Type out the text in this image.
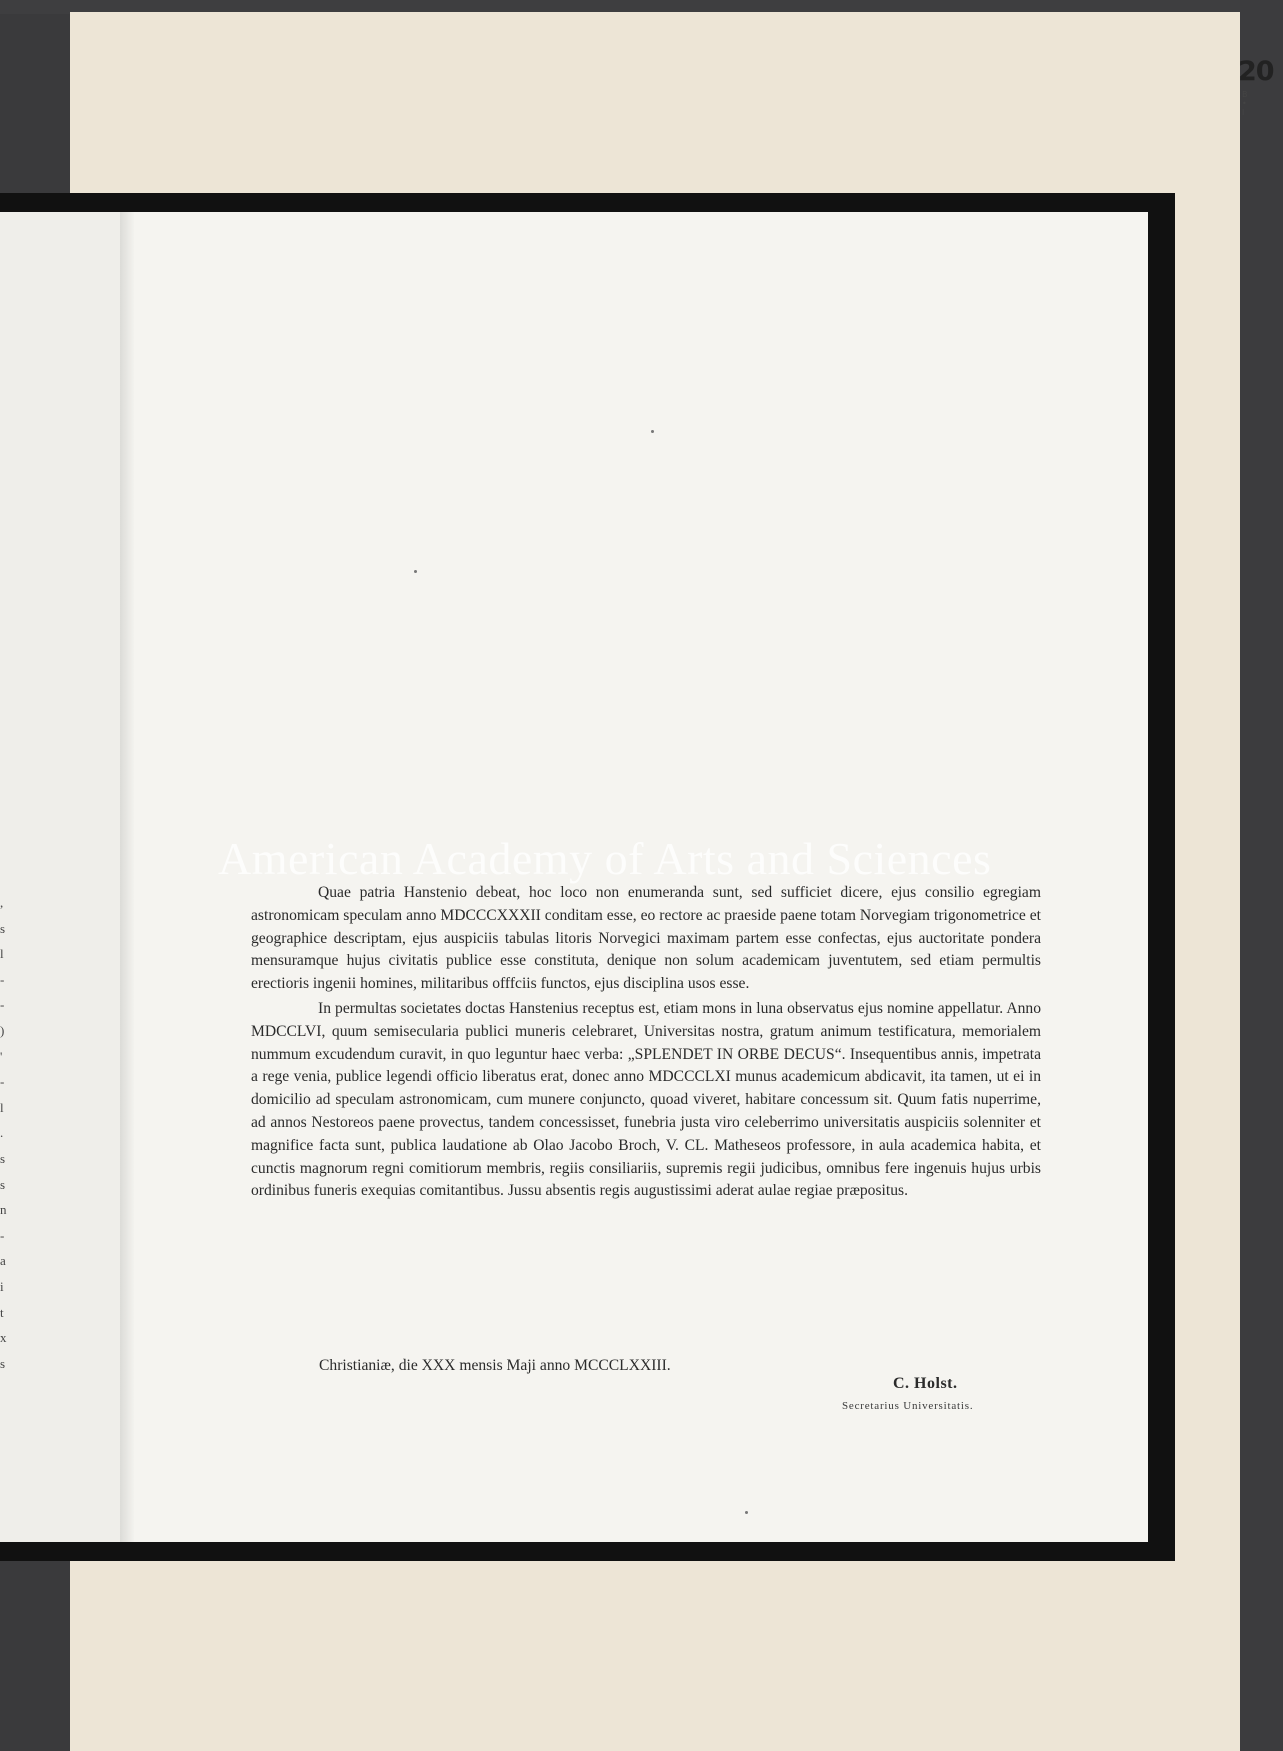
20
B • I
,
s
l
-
-
)
'
-
l
.
s
s
n
-
a
i
t
x
s
American Academy of Arts and Sciences

Quae patria Hanstenio debeat, hoc loco non enumeranda sunt, sed sufficiet dicere, ejus consilio egregiam astronomicam speculam anno MDCCCXXXII conditam esse, eo rectore ac praeside paene totam Norvegiam trigonometrice et geographice descriptam, ejus auspiciis tabulas litoris Norvegici maximam partem esse confectas, ejus auctoritate pondera mensuramque hujus civitatis publice esse constituta, denique non solum academicam juventutem, sed etiam permultis erectioris ingenii homines, militaribus offfciis functos, ejus disciplina usos esse.

In permultas societates doctas Hanstenius receptus est, etiam mons in luna observatus ejus nomine appellatur. Anno MDCCLVI, quum semisecularia publici muneris celebraret, Universitas nostra, gratum animum testificatura, memorialem nummum excudendum curavit, in quo leguntur haec verba: „SPLENDET IN ORBE DECUS“. Insequentibus annis, impetrata a rege venia, publice legendi officio liberatus erat, donec anno MDCCCLXI munus academicum abdicavit, ita tamen, ut ei in domicilio ad speculam astronomicam, cum munere conjuncto, quoad viveret, habitare concessum sit. Quum fatis nuperrime, ad annos Nestoreos paene provectus, tandem concessisset, funebria justa viro celeberrimo universitatis auspiciis solenniter et magnifice facta sunt, publica laudatione ab Olao Jacobo Broch, V. CL. Matheseos professore, in aula academica habita, et cunctis magnorum regni comitiorum membris, regiis consiliariis, supremis regii judicibus, omnibus fere ingenuis hujus urbis ordinibus funeris exequias comitantibus. Jussu absentis regis augustissimi aderat aulae regiae præpositus.

Christianiæ, die XXX mensis Maji anno MCCCLXXIII.
C. Holst.
Secretarius Universitatis.
